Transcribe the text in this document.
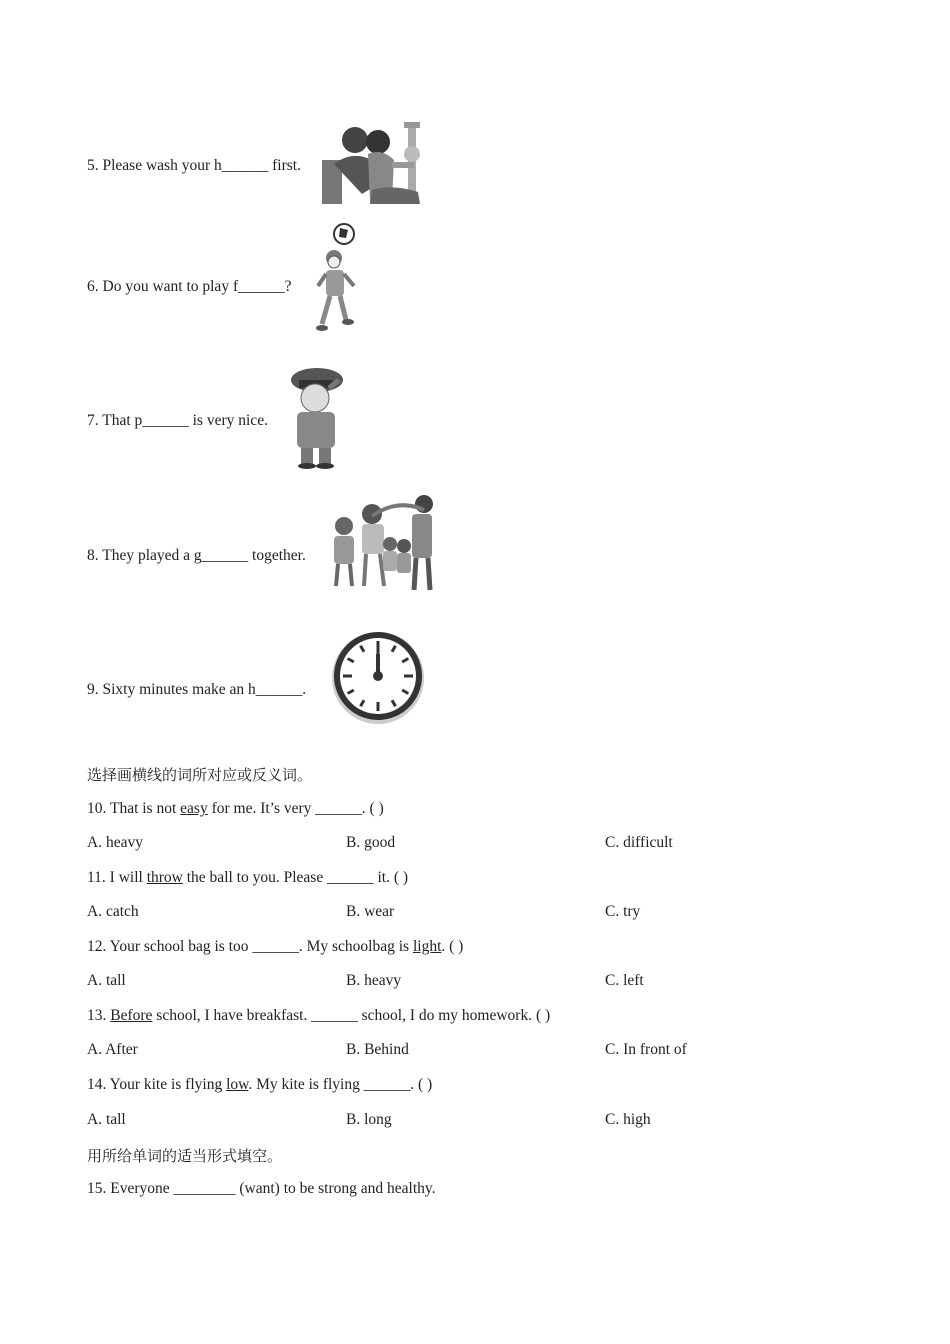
5. Please wash your h______ first.
6. Do you want to play f______?
7. That p______ is very nice.
8. They played a g______ together.
9. Sixty minutes make an h______.
选择画横线的词所对应或反义词。
10. That is not easy for me. It’s very ______. ( )
A. heavy	B. good	C. difficult
11. I will throw the ball to you. Please ______ it. ( )
A. catch	B. wear	C. try
12. Your school bag is too ______. My schoolbag is light. ( )
A. tall	B. heavy	C. left
13. Before school, I have breakfast. ______ school, I do my homework. ( )
A. After	B. Behind	C. In front of
14. Your kite is flying low. My kite is flying ______. ( )
A. tall	B. long	C. high
用所给单词的适当形式填空。
15. Everyone ________ (want) to be strong and healthy.
